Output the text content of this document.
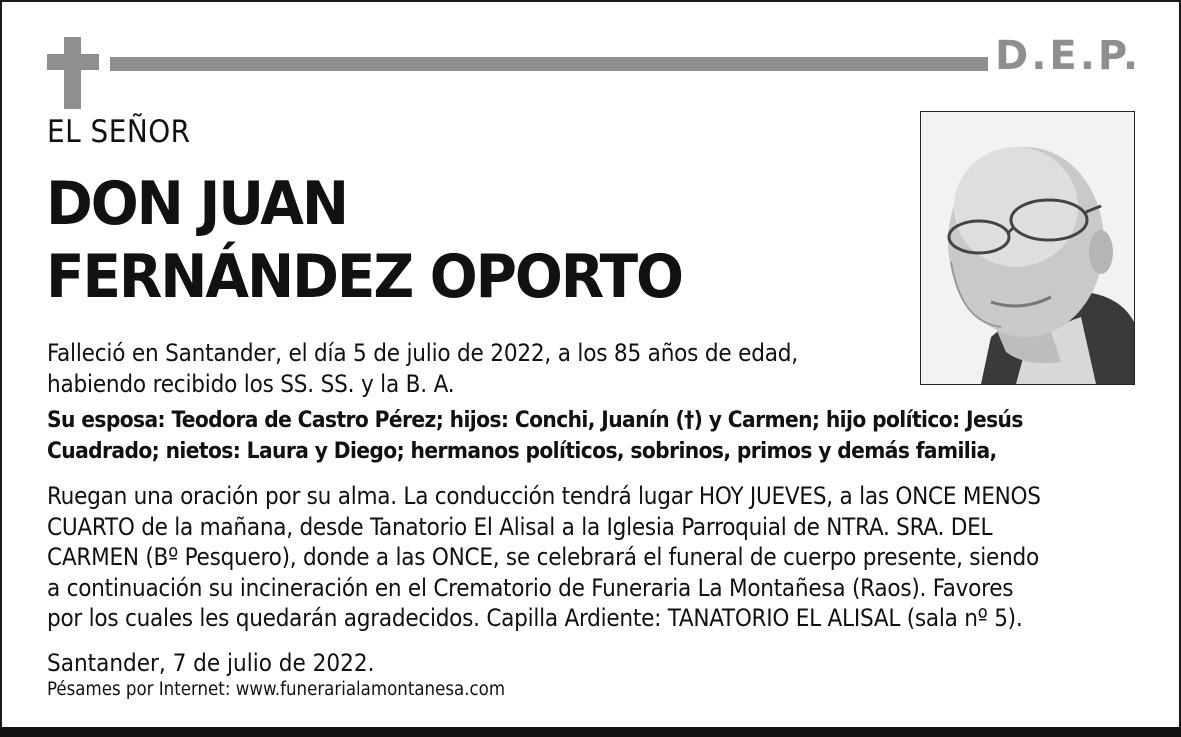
D.E.P.
EL SEÑOR
DON JUAN
FERNÁNDEZ OPORTO
Falleció en Santander, el día 5 de julio de 2022, a los 85 años de edad,
habiendo recibido los SS. SS. y la B. A.
Su esposa: Teodora de Castro Pérez; hijos: Conchi, Juanín (†) y Carmen; hijo político: Jesús
Cuadrado; nietos: Laura y Diego; hermanos políticos, sobrinos, primos y demás familia,
Ruegan una oración por su alma. La conducción tendrá lugar HOY JUEVES, a las ONCE MENOS
CUARTO de la mañana, desde Tanatorio El Alisal a la Iglesia Parroquial de NTRA. SRA. DEL
CARMEN (Bº Pesquero), donde a las ONCE, se celebrará el funeral de cuerpo presente, siendo
a continuación su incineración en el Crematorio de Funeraria La Montañesa (Raos). Favores
por los cuales les quedarán agradecidos. Capilla Ardiente: TANATORIO EL ALISAL (sala nº 5).
Santander, 7 de julio de 2022.
Pésames por Internet: www.funerarialamontanesa.com
